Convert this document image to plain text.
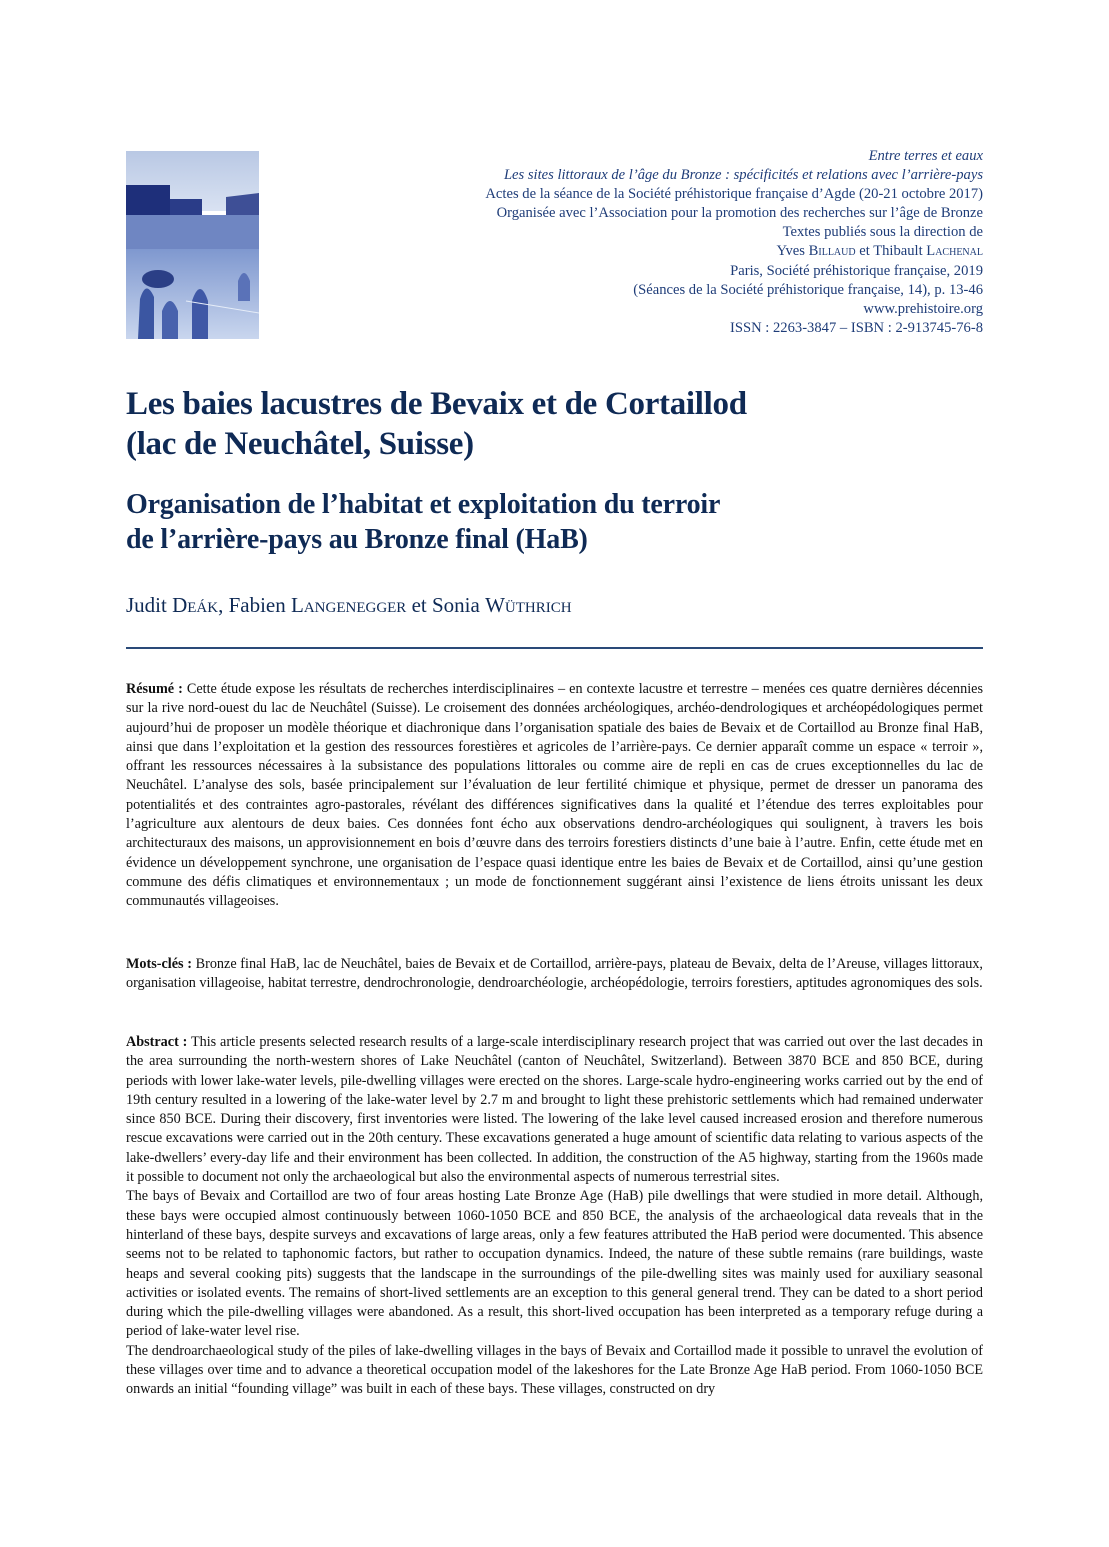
Entre terres et eaux
Les sites littoraux de l’âge du Bronze : spécificités et relations avec l’arrière-pays
Actes de la séance de la Société préhistorique française d’Agde (20-21 octobre 2017)
Organisée avec l’Association pour la promotion des recherches sur l’âge de Bronze
Textes publiés sous la direction de
Yves Billaud et Thibault Lachenal
Paris, Société préhistorique française, 2019
(Séances de la Société préhistorique française, 14), p. 13-46
www.prehistoire.org
ISSN : 2263-3847 – ISBN : 2-913745-76-8
Les baies lacustres de Bevaix et de Cortaillod
(lac de Neuchâtel, Suisse)
Organisation de l’habitat et exploitation du terroir
de l’arrière-pays au Bronze final (HaB)
Judit Deák, Fabien Langenegger et Sonia Wüthrich

Résumé : Cette étude expose les résultats de recherches interdisciplinaires – en contexte lacustre et terrestre – menées ces quatre dernières décennies sur la rive nord-ouest du lac de Neuchâtel (Suisse). Le croisement des données archéologiques, archéo-dendrologiques et archéopédologiques permet aujourd’hui de proposer un modèle théorique et diachronique dans l’organisation spatiale des baies de Bevaix et de Cortaillod au Bronze final HaB, ainsi que dans l’exploitation et la gestion des ressources forestières et agricoles de l’arrière-pays. Ce dernier apparaît comme un espace « terroir », offrant les ressources nécessaires à la subsistance des populations littorales ou comme aire de repli en cas de crues exceptionnelles du lac de Neuchâtel. L’analyse des sols, basée principalement sur l’évaluation de leur fertilité chimique et physique, permet de dresser un panorama des potentialités et des contraintes agro-pastorales, révélant des différences significatives dans la qualité et l’étendue des terres exploitables pour l’agriculture aux alentours de deux baies. Ces données font écho aux observations dendro-archéologiques qui soulignent, à travers les bois architecturaux des maisons, un approvisionnement en bois d’œuvre dans des terroirs forestiers distincts d’une baie à l’autre. Enfin, cette étude met en évidence un développement synchrone, une organisation de l’espace quasi identique entre les baies de Bevaix et de Cortaillod, ainsi qu’une gestion commune des défis climatiques et environnementaux ; un mode de fonctionnement suggérant ainsi l’existence de liens étroits unissant les deux communautés villageoises.

Mots-clés : Bronze final HaB, lac de Neuchâtel, baies de Bevaix et de Cortaillod, arrière-pays, plateau de Bevaix, delta de l’Areuse, villages littoraux, organisation villageoise, habitat terrestre, dendrochronologie, dendroarchéologie, archéopédologie, terroirs forestiers, aptitudes agronomiques des sols.

Abstract : This article presents selected research results of a large-scale interdisciplinary research project that was carried out over the last decades in the area surrounding the north-western shores of Lake Neuchâtel (canton of Neuchâtel, Switzerland). Between 3870 BCE and 850 BCE, during periods with lower lake-water levels, pile-dwelling villages were erected on the shores. Large-scale hydro-engineering works carried out by the end of 19th century resulted in a lowering of the lake-water level by 2.7 m and brought to light these prehistoric settlements which had remained underwater since 850 BCE. During their discovery, first inventories were listed. The lowering of the lake level caused increased erosion and therefore numerous rescue excavations were carried out in the 20th century. These excavations generated a huge amount of scientific data relating to various aspects of the lake-dwellers’ every-day life and their environment has been collected. In addition, the construction of the A5 highway, starting from the 1960s made it possible to document not only the archaeological but also the environmental aspects of numerous terrestrial sites.

The bays of Bevaix and Cortaillod are two of four areas hosting Late Bronze Age (HaB) pile dwellings that were studied in more detail. Although, these bays were occupied almost continuously between 1060-1050 BCE and 850 BCE, the analysis of the archaeological data reveals that in the hinterland of these bays, despite surveys and excavations of large areas, only a few features attributed the HaB period were documented. This absence seems not to be related to taphonomic factors, but rather to occupation dynamics. Indeed, the nature of these subtle remains (rare buildings, waste heaps and several cooking pits) suggests that the landscape in the surroundings of the pile-dwelling sites was mainly used for auxiliary seasonal activities or isolated events. The remains of short-lived settlements are an exception to this general general trend. They can be dated to a short period during which the pile-dwelling villages were abandoned. As a result, this short-lived occupation has been interpreted as a temporary refuge during a period of lake-water level rise.

The dendroarchaeological study of the piles of lake-dwelling villages in the bays of Bevaix and Cortaillod made it possible to unravel the evolution of these villages over time and to advance a theoretical occupation model of the lakeshores for the Late Bronze Age HaB period. From 1060-1050 BCE onwards an initial “founding village” was built in each of these bays. These villages, constructed on dry
